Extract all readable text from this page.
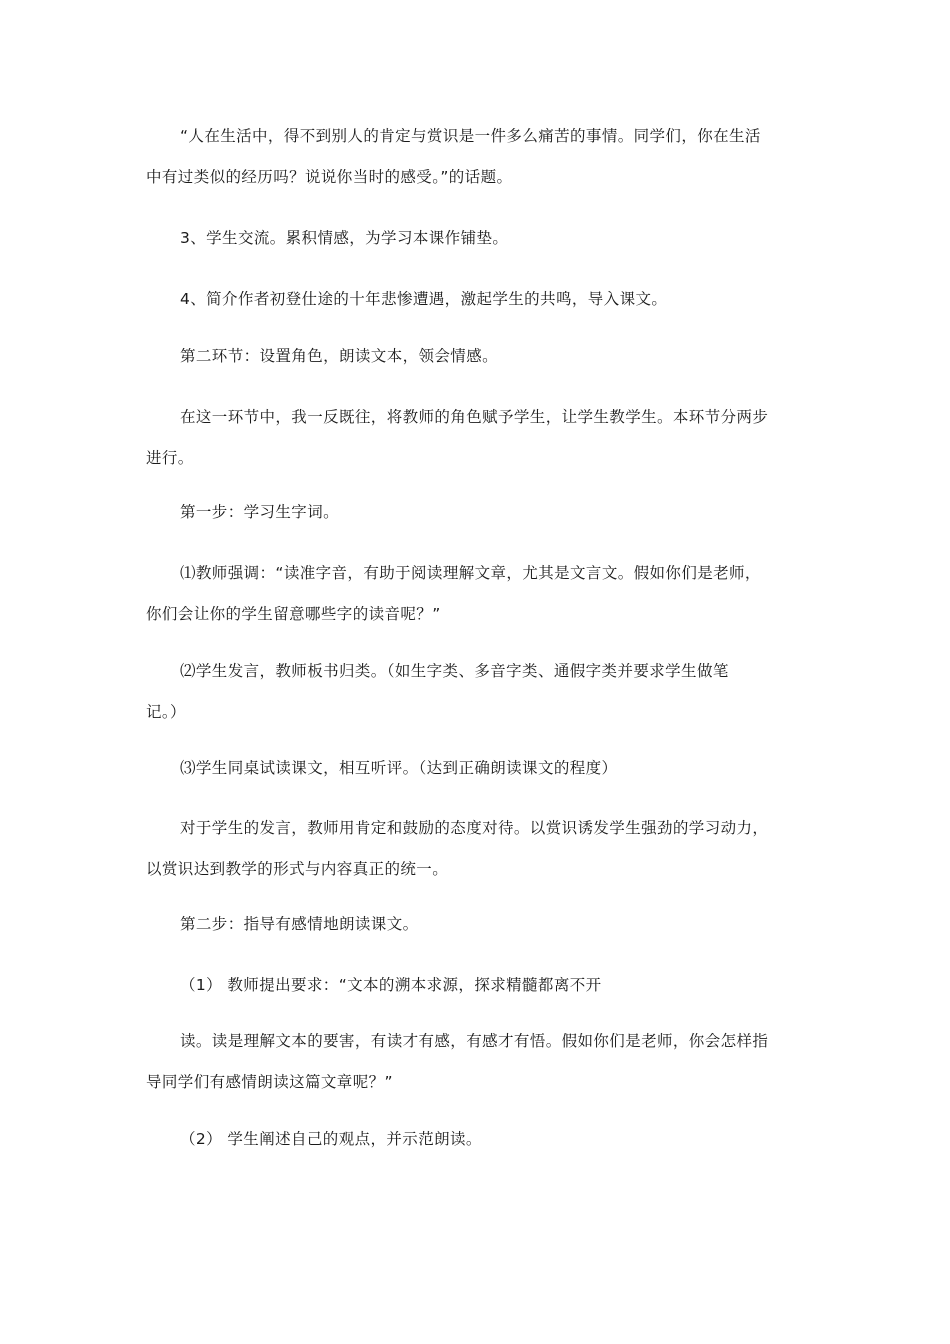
“人在生活中，得不到别人的肯定与赏识是一件多么痛苦的事情。同学们，你在生活
中有过类似的经历吗？说说你当时的感受。”的话题。

3、学生交流。累积情感，为学习本课作铺垫。

4、简介作者初登仕途的十年悲惨遭遇，激起学生的共鸣，导入课文。

第二环节：设置角色，朗读文本，领会情感。

在这一环节中，我一反既往，将教师的角色赋予学生，让学生教学生。本环节分两步
进行。

第一步：学习生字词。

⑴教师强调：“读准字音，有助于阅读理解文章，尤其是文言文。假如你们是老师，
你们会让你的学生留意哪些字的读音呢？”

⑵学生发言，教师板书归类。（如生字类、多音字类、通假字类并要求学生做笔
记。）

⑶学生同桌试读课文，相互听评。（达到正确朗读课文的程度）

对于学生的发言，教师用肯定和鼓励的态度对待。以赏识诱发学生强劲的学习动力，
以赏识达到教学的形式与内容真正的统一。

第二步：指导有感情地朗读课文。

（1） 教师提出要求：“文本的溯本求源，探求精髓都离不开

读。读是理解文本的要害，有读才有感，有感才有悟。假如你们是老师，你会怎样指
导同学们有感情朗读这篇文章呢？”

（2） 学生阐述自己的观点，并示范朗读。
